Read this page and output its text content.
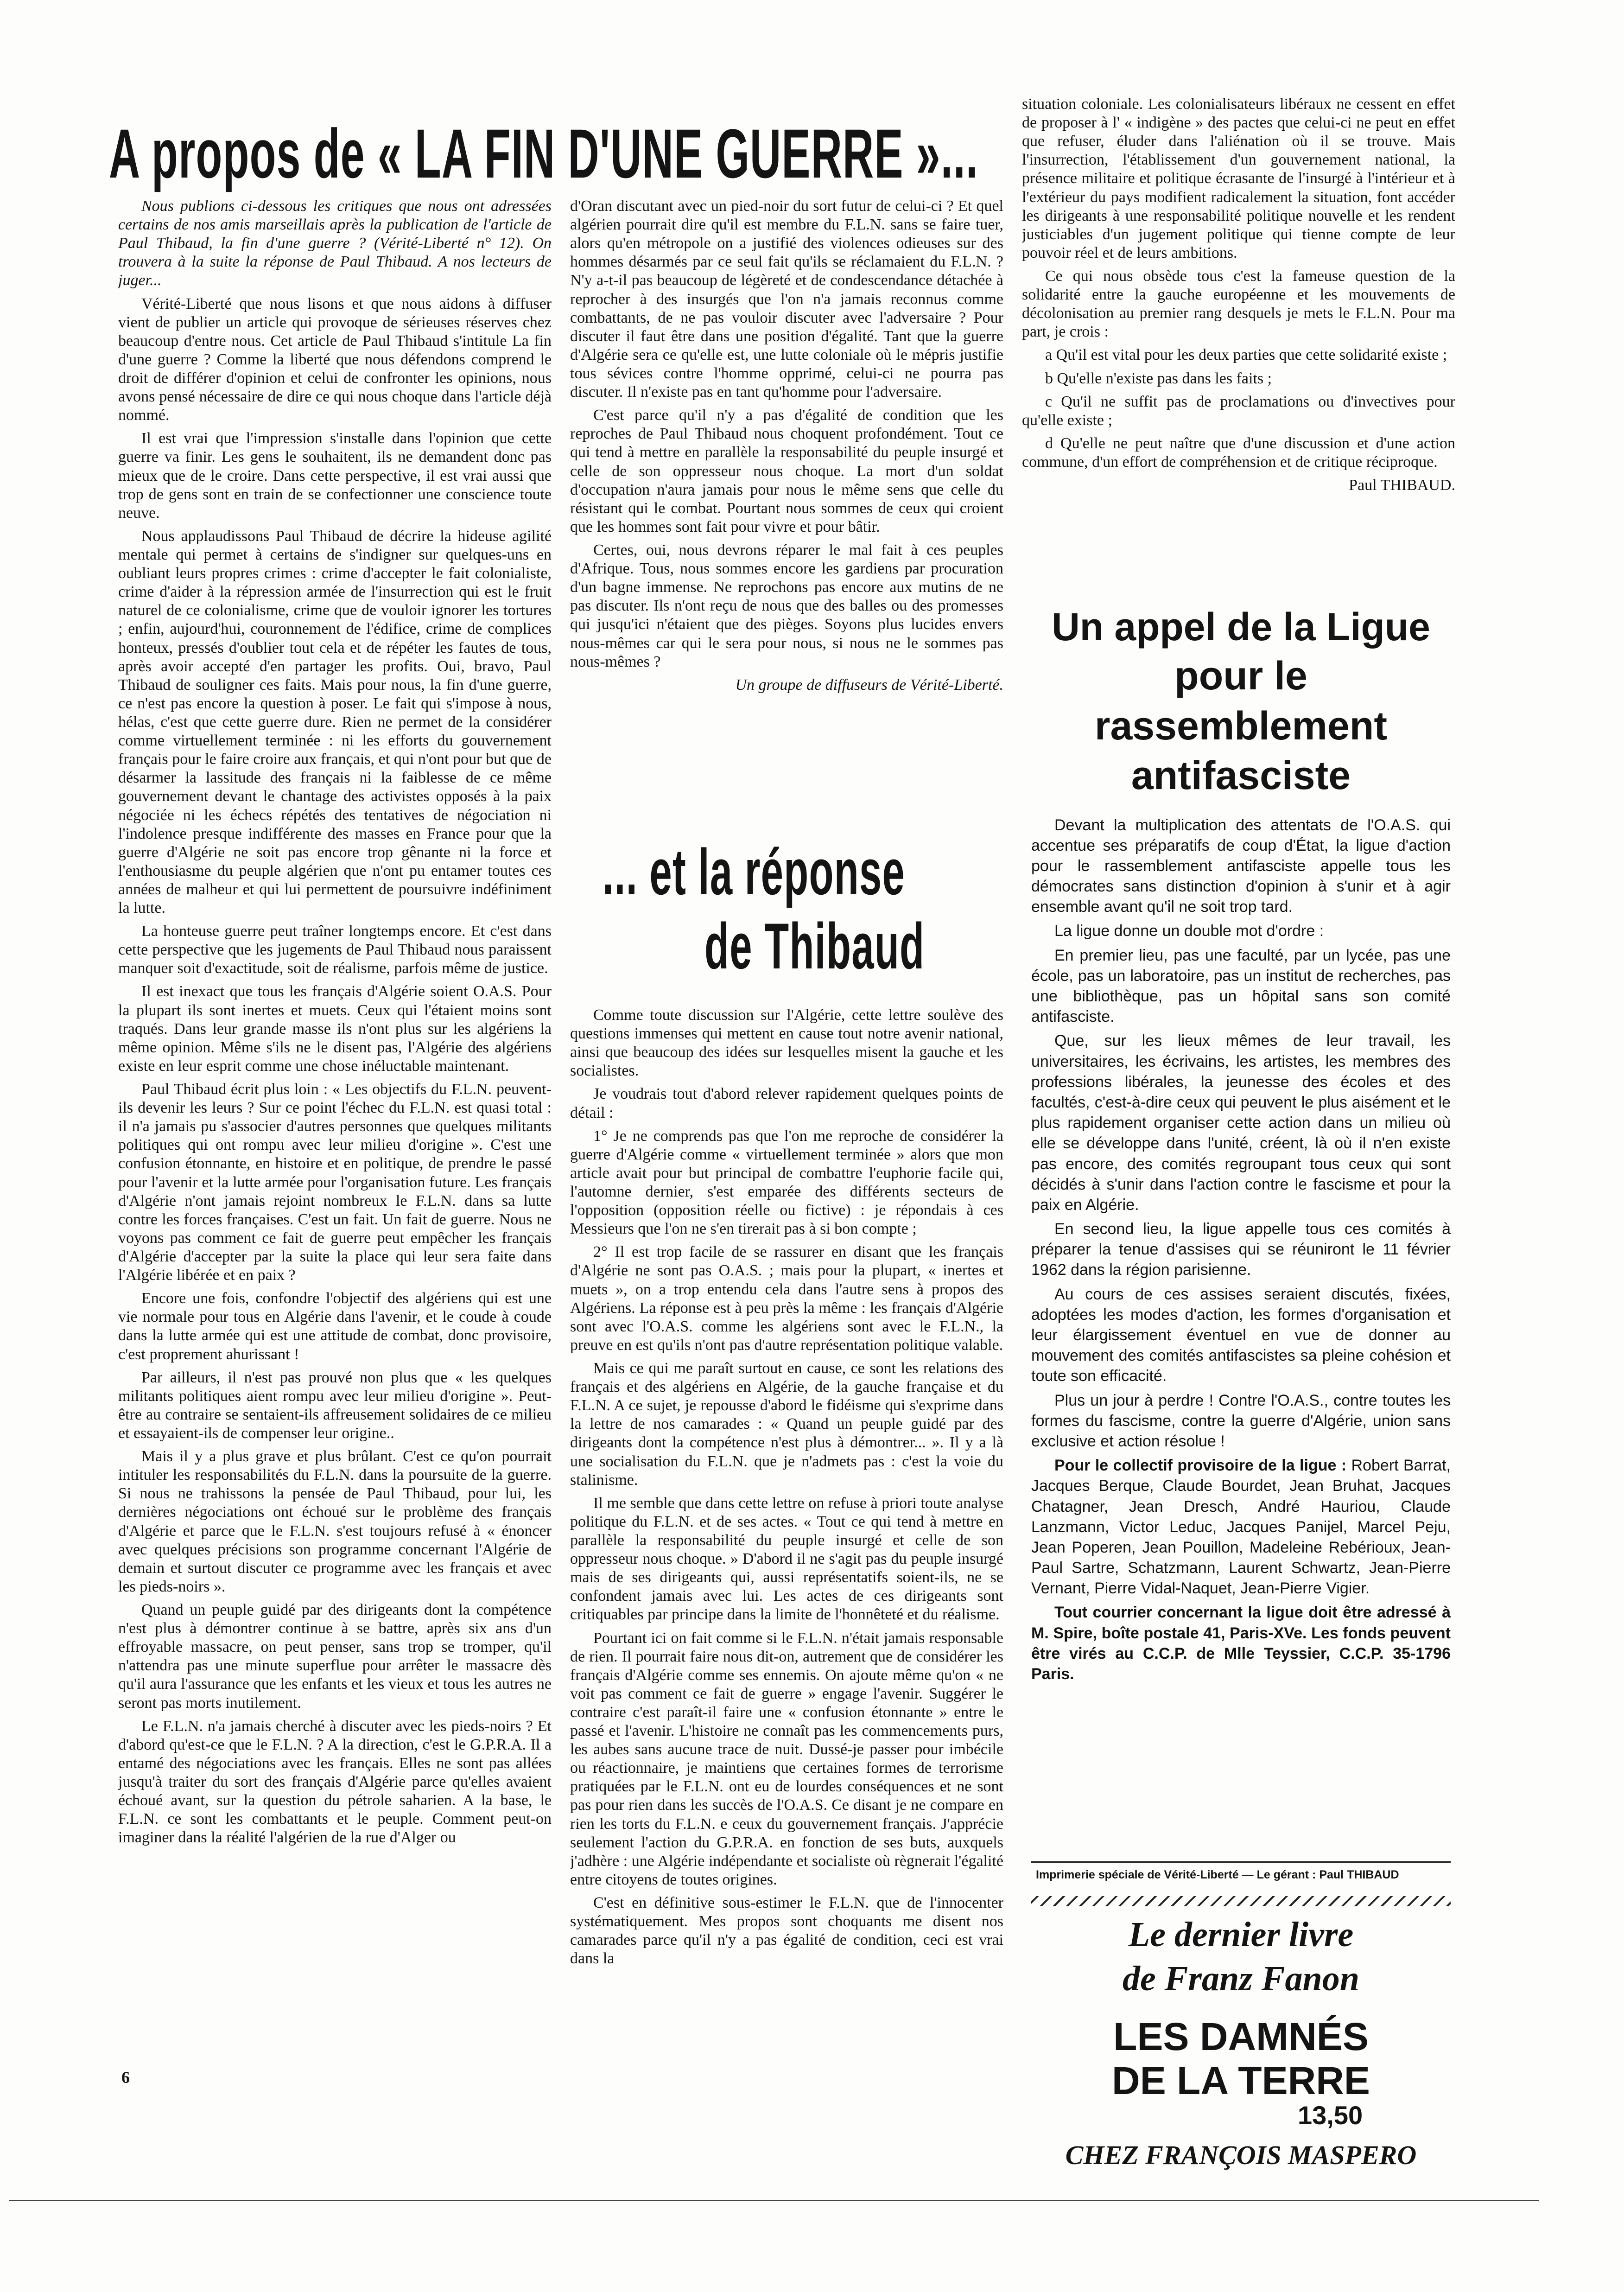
A propos de « LA FIN D'UNE GUERRE »...

Nous publions ci-dessous les critiques que nous ont adressées certains de nos amis marseillais après la publication de l'article de Paul Thibaud, la fin d'une guerre ? (Vérité-Liberté n° 12). On trouvera à la suite la réponse de Paul Thibaud. A nos lecteurs de juger...

Vérité-Liberté que nous lisons et que nous aidons à diffuser vient de publier un article qui provoque de sérieuses réserves chez beaucoup d'entre nous. Cet article de Paul Thibaud s'intitule La fin d'une guerre ? Comme la liberté que nous défendons comprend le droit de différer d'opinion et celui de confronter les opinions, nous avons pensé nécessaire de dire ce qui nous choque dans l'article déjà nommé.

Il est vrai que l'impression s'installe dans l'opinion que cette guerre va finir. Les gens le souhaitent, ils ne demandent donc pas mieux que de le croire. Dans cette perspective, il est vrai aussi que trop de gens sont en train de se confectionner une conscience toute neuve.

Nous applaudissons Paul Thibaud de décrire la hideuse agilité mentale qui permet à certains de s'indigner sur quelques-uns en oubliant leurs propres crimes : crime d'accepter le fait colonialiste, crime d'aider à la répression armée de l'insurrection qui est le fruit naturel de ce colonialisme, crime que de vouloir ignorer les tortures ; enfin, aujourd'hui, couronnement de l'édifice, crime de complices honteux, pressés d'oublier tout cela et de répéter les fautes de tous, après avoir accepté d'en partager les profits. Oui, bravo, Paul Thibaud de souligner ces faits. Mais pour nous, la fin d'une guerre, ce n'est pas encore la question à poser. Le fait qui s'impose à nous, hélas, c'est que cette guerre dure. Rien ne permet de la considérer comme virtuellement terminée : ni les efforts du gouvernement français pour le faire croire aux français, et qui n'ont pour but que de désarmer la lassitude des français ni la faiblesse de ce même gouvernement devant le chantage des activistes opposés à la paix négociée ni les échecs répétés des tentatives de négociation ni l'indolence presque indifférente des masses en France pour que la guerre d'Algérie ne soit pas encore trop gênante ni la force et l'enthousiasme du peuple algérien que n'ont pu entamer toutes ces années de malheur et qui lui permettent de poursuivre indéfiniment la lutte.

La honteuse guerre peut traîner longtemps encore. Et c'est dans cette perspective que les jugements de Paul Thibaud nous paraissent manquer soit d'exactitude, soit de réalisme, parfois même de justice.

Il est inexact que tous les français d'Algérie soient O.A.S. Pour la plupart ils sont inertes et muets. Ceux qui l'étaient moins sont traqués. Dans leur grande masse ils n'ont plus sur les algériens la même opinion. Même s'ils ne le disent pas, l'Algérie des algériens existe en leur esprit comme une chose inéluctable maintenant.

Paul Thibaud écrit plus loin : « Les objectifs du F.L.N. peuvent-ils devenir les leurs ? Sur ce point l'échec du F.L.N. est quasi total : il n'a jamais pu s'associer d'autres personnes que quelques militants politiques qui ont rompu avec leur milieu d'origine ». C'est une confusion étonnante, en histoire et en politique, de prendre le passé pour l'avenir et la lutte armée pour l'organisation future. Les français d'Algérie n'ont jamais rejoint nombreux le F.L.N. dans sa lutte contre les forces françaises. C'est un fait. Un fait de guerre. Nous ne voyons pas comment ce fait de guerre peut empêcher les français d'Algérie d'accepter par la suite la place qui leur sera faite dans l'Algérie libérée et en paix ?

Encore une fois, confondre l'objectif des algériens qui est une vie normale pour tous en Algérie dans l'avenir, et le coude à coude dans la lutte armée qui est une attitude de combat, donc provisoire, c'est proprement ahurissant !

Par ailleurs, il n'est pas prouvé non plus que « les quelques militants politiques aient rompu avec leur milieu d'origine ». Peut-être au contraire se sentaient-ils affreusement solidaires de ce milieu et essayaient-ils de compenser leur origine..

Mais il y a plus grave et plus brûlant. C'est ce qu'on pourrait intituler les responsabilités du F.L.N. dans la poursuite de la guerre. Si nous ne trahissons la pensée de Paul Thibaud, pour lui, les dernières négociations ont échoué sur le problème des français d'Algérie et parce que le F.L.N. s'est toujours refusé à « énoncer avec quelques précisions son programme concernant l'Algérie de demain et surtout discuter ce programme avec les français et avec les pieds-noirs ».

Quand un peuple guidé par des dirigeants dont la compétence n'est plus à démontrer continue à se battre, après six ans d'un effroyable massacre, on peut penser, sans trop se tromper, qu'il n'attendra pas une minute superflue pour arrêter le massacre dès qu'il aura l'assurance que les enfants et les vieux et tous les autres ne seront pas morts inutilement.

Le F.L.N. n'a jamais cherché à discuter avec les pieds-noirs ? Et d'abord qu'est-ce que le F.L.N. ? A la direction, c'est le G.P.R.A. Il a entamé des négociations avec les français. Elles ne sont pas allées jusqu'à traiter du sort des français d'Algérie parce qu'elles avaient échoué avant, sur la question du pétrole saharien. A la base, le F.L.N. ce sont les combattants et le peuple. Comment peut-on imaginer dans la réalité l'algérien de la rue d'Alger ou

d'Oran discutant avec un pied-noir du sort futur de celui-ci ? Et quel algérien pourrait dire qu'il est membre du F.L.N. sans se faire tuer, alors qu'en métropole on a justifié des violences odieuses sur des hommes désarmés par ce seul fait qu'ils se réclamaient du F.L.N. ? N'y a-t-il pas beaucoup de légèreté et de condescendance détachée à reprocher à des insurgés que l'on n'a jamais reconnus comme combattants, de ne pas vouloir discuter avec l'adversaire ? Pour discuter il faut être dans une position d'égalité. Tant que la guerre d'Algérie sera ce qu'elle est, une lutte coloniale où le mépris justifie tous sévices contre l'homme opprimé, celui-ci ne pourra pas discuter. Il n'existe pas en tant qu'homme pour l'adversaire.

C'est parce qu'il n'y a pas d'égalité de condition que les reproches de Paul Thibaud nous choquent profondément. Tout ce qui tend à mettre en parallèle la responsabilité du peuple insurgé et celle de son oppresseur nous choque. La mort d'un soldat d'occupation n'aura jamais pour nous le même sens que celle du résistant qui le combat. Pourtant nous sommes de ceux qui croient que les hommes sont fait pour vivre et pour bâtir.

Certes, oui, nous devrons réparer le mal fait à ces peuples d'Afrique. Tous, nous sommes encore les gardiens par procuration d'un bagne immense. Ne reprochons pas encore aux mutins de ne pas discuter. Ils n'ont reçu de nous que des balles ou des promesses qui jusqu'ici n'étaient que des pièges. Soyons plus lucides envers nous-mêmes car qui le sera pour nous, si nous ne le sommes pas nous-mêmes ?

Un groupe de diffuseurs de Vérité-Liberté.

... et la réponse
de Thibaud

Comme toute discussion sur l'Algérie, cette lettre soulève des questions immenses qui mettent en cause tout notre avenir national, ainsi que beaucoup des idées sur lesquelles misent la gauche et les socialistes.

Je voudrais tout d'abord relever rapidement quelques points de détail :

1° Je ne comprends pas que l'on me reproche de considérer la guerre d'Algérie comme « virtuellement terminée » alors que mon article avait pour but principal de combattre l'euphorie facile qui, l'automne dernier, s'est emparée des différents secteurs de l'opposition (opposition réelle ou fictive) : je répondais à ces Messieurs que l'on ne s'en tirerait pas à si bon compte ;

2° Il est trop facile de se rassurer en disant que les français d'Algérie ne sont pas O.A.S. ; mais pour la plupart, « inertes et muets », on a trop entendu cela dans l'autre sens à propos des Algériens. La réponse est à peu près la même : les français d'Algérie sont avec l'O.A.S. comme les algériens sont avec le F.L.N., la preuve en est qu'ils n'ont pas d'autre représentation politique valable.

Mais ce qui me paraît surtout en cause, ce sont les relations des français et des algériens en Algérie, de la gauche française et du F.L.N. A ce sujet, je repousse d'abord le fidéisme qui s'exprime dans la lettre de nos camarades : « Quand un peuple guidé par des dirigeants dont la compétence n'est plus à démontrer... ». Il y a là une socialisation du F.L.N. que je n'admets pas : c'est la voie du stalinisme.

Il me semble que dans cette lettre on refuse à priori toute analyse politique du F.L.N. et de ses actes. « Tout ce qui tend à mettre en parallèle la responsabilité du peuple insurgé et celle de son oppresseur nous choque. » D'abord il ne s'agit pas du peuple insurgé mais de ses dirigeants qui, aussi représentatifs soient-ils, ne se confondent jamais avec lui. Les actes de ces dirigeants sont critiquables par principe dans la limite de l'honnêteté et du réalisme.

Pourtant ici on fait comme si le F.L.N. n'était jamais responsable de rien. Il pourrait faire nous dit-on, autrement que de considérer les français d'Algérie comme ses ennemis. On ajoute même qu'on « ne voit pas comment ce fait de guerre » engage l'avenir. Suggérer le contraire c'est paraît-il faire une « confusion étonnante » entre le passé et l'avenir. L'histoire ne connaît pas les commencements purs, les aubes sans aucune trace de nuit. Dussé-je passer pour imbécile ou réactionnaire, je maintiens que certaines formes de terrorisme pratiquées par le F.L.N. ont eu de lourdes conséquences et ne sont pas pour rien dans les succès de l'O.A.S. Ce disant je ne compare en rien les torts du F.L.N. e ceux du gouvernement français. J'apprécie seulement l'action du G.P.R.A. en fonction de ses buts, auxquels j'adhère : une Algérie indépendante et socialiste où règnerait l'égalité entre citoyens de toutes origines.

C'est en définitive sous-estimer le F.L.N. que de l'innocenter systématiquement. Mes propos sont choquants me disent nos camarades parce qu'il n'y a pas égalité de condition, ceci est vrai dans la

6

situation coloniale. Les colonialisateurs libéraux ne cessent en effet de proposer à l' « indigène » des pactes que celui-ci ne peut en effet que refuser, éluder dans l'aliénation où il se trouve. Mais l'insurrection, l'établissement d'un gouvernement national, la présence militaire et politique écrasante de l'insurgé à l'intérieur et à l'extérieur du pays modifient radicalement la situation, font accéder les dirigeants à une responsabilité politique nouvelle et les rendent justiciables d'un jugement politique qui tienne compte de leur pouvoir réel et de leurs ambitions.

Ce qui nous obsède tous c'est la fameuse question de la solidarité entre la gauche européenne et les mouvements de décolonisation au premier rang desquels je mets le F.L.N. Pour ma part, je crois :

a Qu'il est vital pour les deux parties que cette solidarité existe ;

b Qu'elle n'existe pas dans les faits ;

c Qu'il ne suffit pas de proclamations ou d'invectives pour qu'elle existe ;

d Qu'elle ne peut naître que d'une discussion et d'une action commune, d'un effort de compréhension et de critique réciproque.

Paul THIBAUD.

Un appel de la Ligue
pour le
rassemblement
antifasciste

Devant la multiplication des attentats de l'O.A.S. qui accentue ses préparatifs de coup d'État, la ligue d'action pour le rassemblement antifasciste appelle tous les démocrates sans distinction d'opinion à s'unir et à agir ensemble avant qu'il ne soit trop tard.

La ligue donne un double mot d'ordre :

En premier lieu, pas une faculté, par un lycée, pas une école, pas un laboratoire, pas un institut de recherches, pas une bibliothèque, pas un hôpital sans son comité antifasciste.

Que, sur les lieux mêmes de leur travail, les universitaires, les écrivains, les artistes, les membres des professions libérales, la jeunesse des écoles et des facultés, c'est-à-dire ceux qui peuvent le plus aisément et le plus rapidement organiser cette action dans un milieu où elle se développe dans l'unité, créent, là où il n'en existe pas encore, des comités regroupant tous ceux qui sont décidés à s'unir dans l'action contre le fascisme et pour la paix en Algérie.

En second lieu, la ligue appelle tous ces comités à préparer la tenue d'assises qui se réuniront le 11 février 1962 dans la région parisienne.

Au cours de ces assises seraient discutés, fixées, adoptées les modes d'action, les formes d'organisation et leur élargissement éventuel en vue de donner au mouvement des comités antifascistes sa pleine cohésion et toute son efficacité.

Plus un jour à perdre ! Contre l'O.A.S., contre toutes les formes du fascisme, contre la guerre d'Algérie, union sans exclusive et action résolue !

Pour le collectif provisoire de la ligue : Robert Barrat, Jacques Berque, Claude Bourdet, Jean Bruhat, Jacques Chatagner, Jean Dresch, André Hauriou, Claude Lanzmann, Victor Leduc, Jacques Panijel, Marcel Peju, Jean Poperen, Jean Pouillon, Madeleine Rebérioux, Jean-Paul Sartre, Schatzmann, Laurent Schwartz, Jean-Pierre Vernant, Pierre Vidal-Naquet, Jean-Pierre Vigier.

Tout courrier concernant la ligue doit être adressé à M. Spire, boîte postale 41, Paris-XVe. Les fonds peuvent être virés au C.C.P. de Mlle Teyssier, C.C.P. 35-1796 Paris.

Imprimerie spéciale de Vérité-Liberté — Le gérant : Paul THIBAUD
Le dernier livre
de Franz Fanon
LES DAMNÉS
DE LA TERRE
13,50
CHEZ FRANÇOIS MASPERO
